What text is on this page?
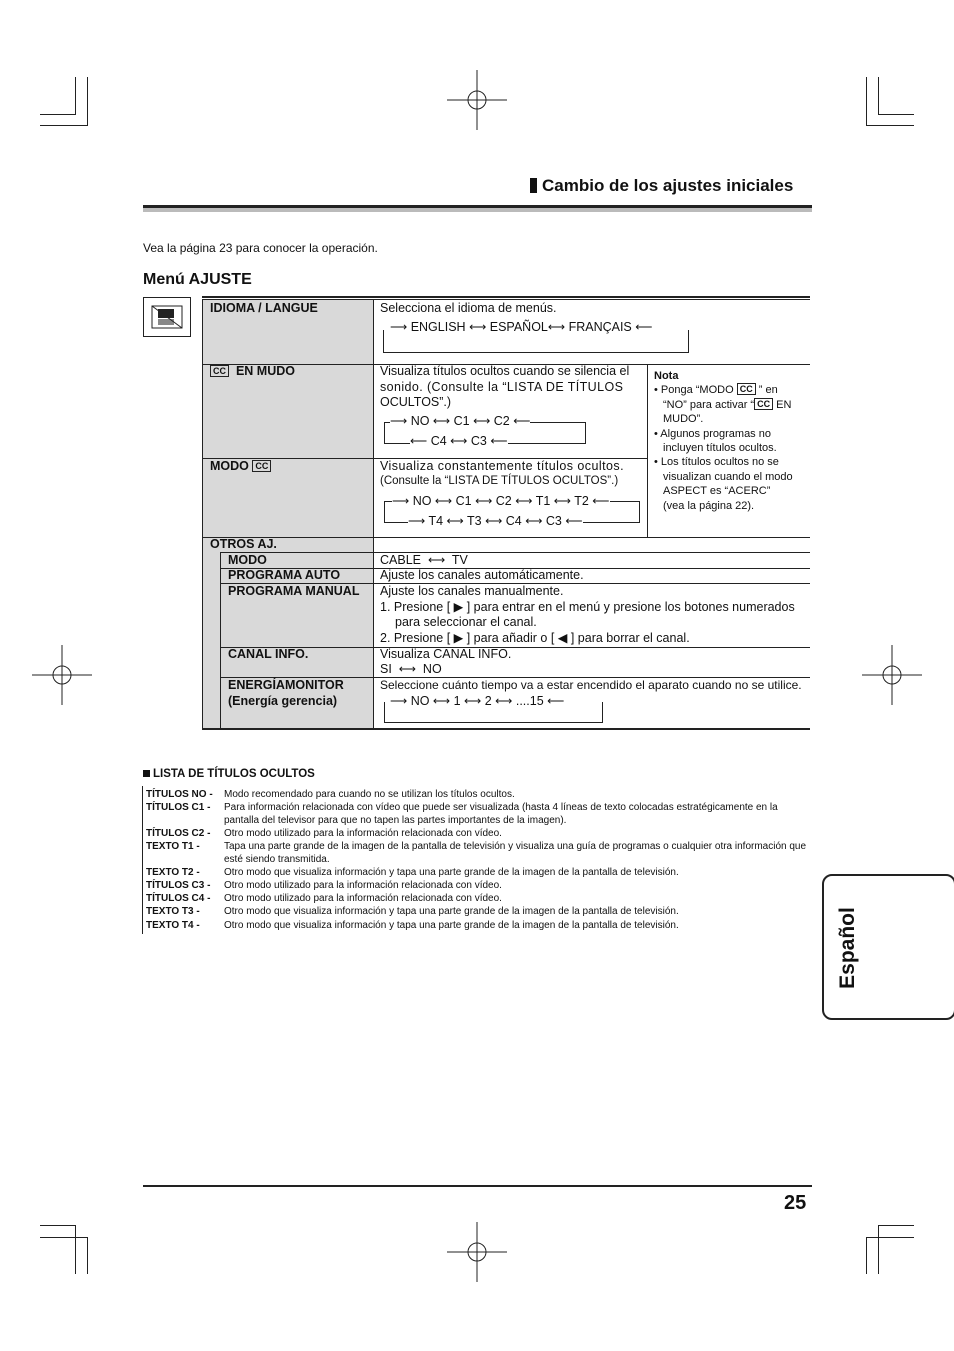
Cambio de los ajustes iniciales
Vea la página 23 para conocer la operación.
Menú AJUSTE
IDIOMA / LANGUE	Selecciona el idioma de menús.
⟶ ENGLISH ⟷ ESPAÑOL⟷ FRANÇAIS ⟵
CC EN MUDO	Visualiza títulos ocultos cuando se silencia el
sonido. (Consulte la “LISTA DE TÍTULOS
OCULTOS”.)
⟶ NO ⟷ C1 ⟷ C2 ⟵
⟵ C4 ⟷ C3 ⟵
Nota
• Ponga “MODO CC ” en
“NO” para activar “ CC EN
MUDO”.
• Algunos programas no
incluyen títulos ocultos.
• Los títulos ocultos no se
visualizan cuando el modo
ASPECT es “ACERC”
(vea la página 22).
MODO CC	Visualiza constantemente títulos ocultos.
(Consulte la “LISTA DE TÍTULOS OCULTOS”.)
⟶ NO ⟷ C1 ⟷ C2 ⟷ T1 ⟷ T2 ⟵
⟶ T4 ⟷ T3 ⟷ C4 ⟷ C3 ⟵
OTROS AJ.
MODO	CABLE ⟷ TV
PROGRAMA AUTO	Ajuste los canales automáticamente.
PROGRAMA MANUAL Ajuste los canales manualmente.
1. Presione [ ▶ ] para entrar en el menú y presione los botones numerados
para seleccionar el canal.
2. Presione [ ▶ ] para añadir o [ ◀ ] para borrar el canal.
CANAL INFO.	Visualiza CANAL INFO.
SI ⟷ NO
ENERGÍAMONITOR
(Energía gerencia)
Seleccione cuánto tiempo va a estar encendido el aparato cuando no se utilice.
⟶ NO ⟷ 1 ⟷ 2 ⟷ ....15 ⟵
LISTA DE TÍTULOS OCULTOS
TÍTULOS NO - Modo recomendado para cuando no se utilizan los títulos ocultos.
TÍTULOS C1 - Para información relacionada con vídeo que puede ser visualizada (hasta 4 líneas de texto colocadas estratégicamente en la pantalla del televisor para que no tapen las partes importantes de la imagen).
TÍTULOS C2 - Otro modo utilizado para la información relacionada con vídeo.
TEXTO T1 - Tapa una parte grande de la imagen de la pantalla de televisión y visualiza una guía de programas o cualquier otra información que esté siendo transmitida.
TEXTO T2 - Otro modo que visualiza información y tapa una parte grande de la imagen de la pantalla de televisión.
TÍTULOS C3 - Otro modo utilizado para la información relacionada con vídeo.
TÍTULOS C4 - Otro modo utilizado para la información relacionada con vídeo.
TEXTO T3 - Otro modo que visualiza información y tapa una parte grande de la imagen de la pantalla de televisión.
TEXTO T4 - Otro modo que visualiza información y tapa una parte grande de la imagen de la pantalla de televisión.	Español
25
